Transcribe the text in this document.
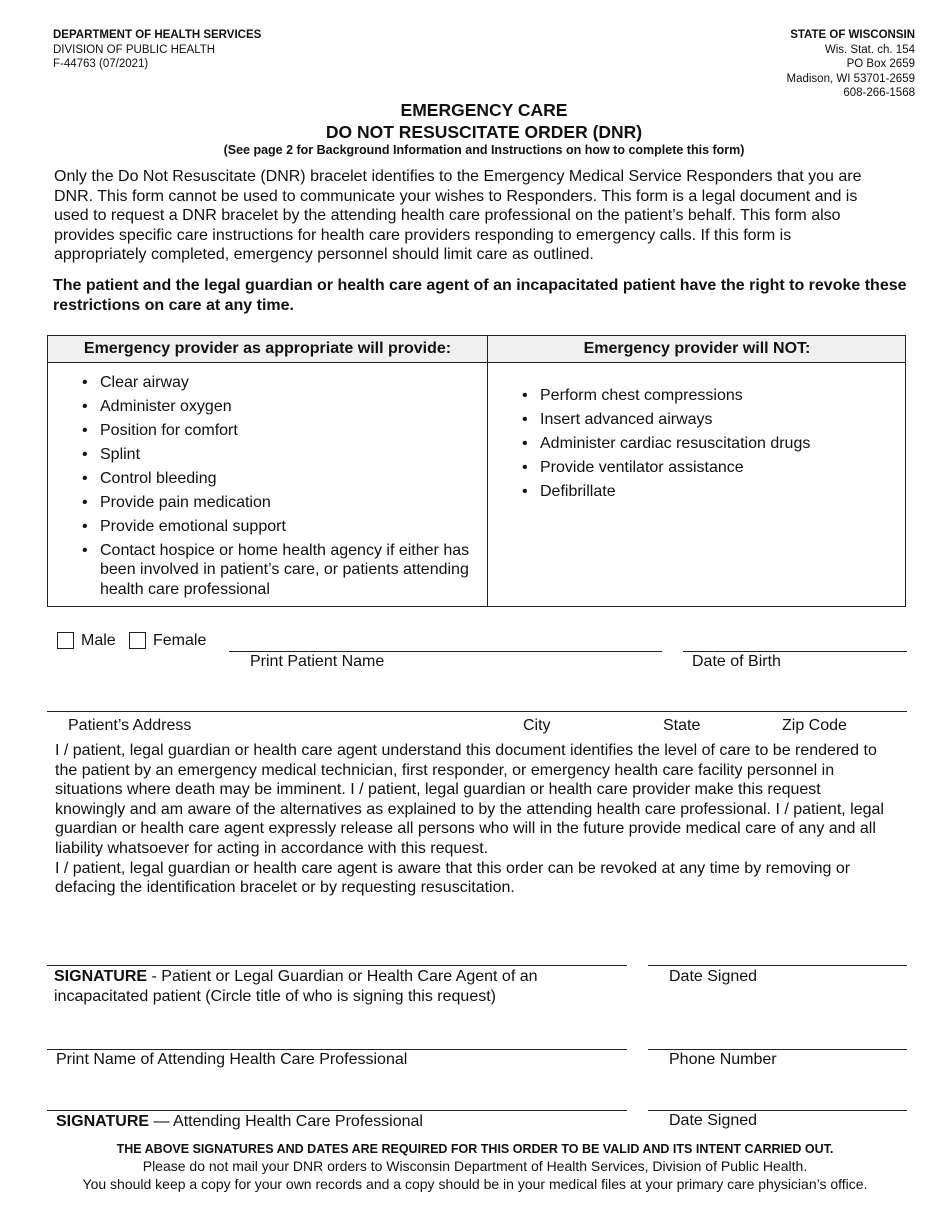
DEPARTMENT OF HEALTH SERVICES
DIVISION OF PUBLIC HEALTH
F-44763 (07/2021)
STATE OF WISCONSIN
Wis. Stat. ch. 154
PO Box 2659
Madison, WI 53701-2659
608-266-1568
EMERGENCY CARE
DO NOT RESUSCITATE ORDER (DNR)
(See page 2 for Background Information and Instructions on how to complete this form)
Only the Do Not Resuscitate (DNR) bracelet identifies to the Emergency Medical Service Responders that you are DNR. This form cannot be used to communicate your wishes to Responders. This form is a legal document and is used to request a DNR bracelet by the attending health care professional on the patient’s behalf. This form also provides specific care instructions for health care providers responding to emergency calls. If this form is appropriately completed, emergency personnel should limit care as outlined.
The patient and the legal guardian or health care agent of an incapacitated patient have the right to revoke these restrictions on care at any time.
Emergency provider as appropriate will provide:	Emergency provider will NOT:
• Clear airway
• Administer oxygen
• Position for comfort
• Splint
• Control bleeding
• Provide pain medication
• Provide emotional support
• Contact hospice or home health agency if either has been involved in patient’s care, or patients attending health care professional
• Perform chest compressions
• Insert advanced airways
• Administer cardiac resuscitation drugs
• Provide ventilator assistance
• Defibrillate
Male Female
Print Patient Name	Date of Birth
Patient’s Address	City	State	Zip Code
I / patient, legal guardian or health care agent understand this document identifies the level of care to be rendered to the patient by an emergency medical technician, first responder, or emergency health care facility personnel in situations where death may be imminent. I / patient, legal guardian or health care provider make this request knowingly and am aware of the alternatives as explained to by the attending health care professional. I / patient, legal guardian or health care agent expressly release all persons who will in the future provide medical care of any and all liability whatsoever for acting in accordance with this request.
I / patient, legal guardian or health care agent is aware that this order can be revoked at any time by removing or defacing the identification bracelet or by requesting resuscitation.
SIGNATURE - Patient or Legal Guardian or Health Care Agent of an incapacitated patient (Circle title of who is signing this request)
Date Signed
Print Name of Attending Health Care Professional	Phone Number
SIGNATURE — Attending Health Care Professional	Date Signed
THE ABOVE SIGNATURES AND DATES ARE REQUIRED FOR THIS ORDER TO BE VALID AND ITS INTENT CARRIED OUT.
Please do not mail your DNR orders to Wisconsin Department of Health Services, Division of Public Health.
You should keep a copy for your own records and a copy should be in your medical files at your primary care physician’s office.
